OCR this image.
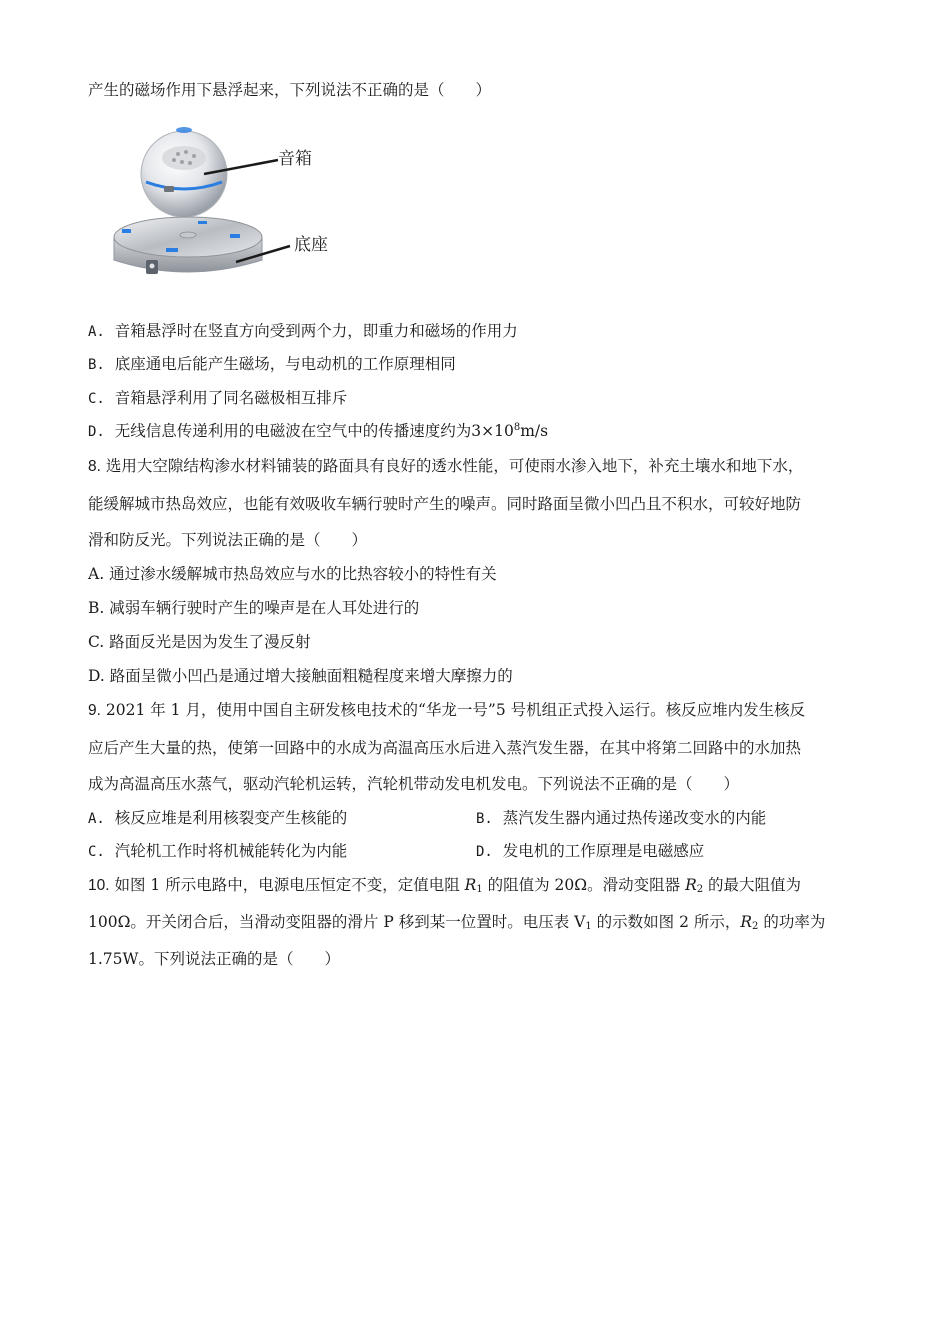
产生的磁场作用下悬浮起来，下列说法不正确的是（　　）
音箱
底座
A. 音箱悬浮时在竖直方向受到两个力，即重力和磁场的作用力
B. 底座通电后能产生磁场，与电动机的工作原理相同
C. 音箱悬浮利用了同名磁极相互排斥
D. 无线信息传递利用的电磁波在空气中的传播速度约为$3\times 10^8m/s$
8. 选用大空隙结构渗水材料铺装的路面具有良好的透水性能，可使雨水渗入地下，补充土壤水和地下水，
能缓解城市热岛效应，也能有效吸收车辆行驶时产生的噪声。同时路面呈微小凹凸且不积水，可较好地防
滑和防反光。下列说法正确的是（　　）
A. 通过渗水缓解城市热岛效应与水的比热容较小的特性有关
B. 减弱车辆行驶时产生的噪声是在人耳处进行的
C. 路面反光是因为发生了漫反射
D. 路面呈微小凹凸是通过增大接触面粗糙程度来增大摩擦力的
9. 2021 年 1 月，使用中国自主研发核电技术的“华龙一号”5 号机组正式投入运行。核反应堆内发生核反
应后产生大量的热，使第一回路中的水成为高温高压水后进入蒸汽发生器，在其中将第二回路中的水加热
成为高温高压水蒸气，驱动汽轮机运转，汽轮机带动发电机发电。下列说法不正确的是（　　）
A. 核反应堆是利用核裂变产生核能的	B. 蒸汽发生器内通过热传递改变水的内能
C. 汽轮机工作时将机械能转化为内能	D. 发电机的工作原理是电磁感应
10. 如图 1 所示电路中，电源电压恒定不变，定值电阻 $R_1$ 的阻值为 20Ω。滑动变阻器 $R_2$ 的最大阻值为
100Ω。开关闭合后，当滑动变阻器的滑片 P 移到某一位置时。电压表 $V_1$ 的示数如图 2 所示，$R_2$ 的功率为
1.75W。下列说法正确的是（　　）
